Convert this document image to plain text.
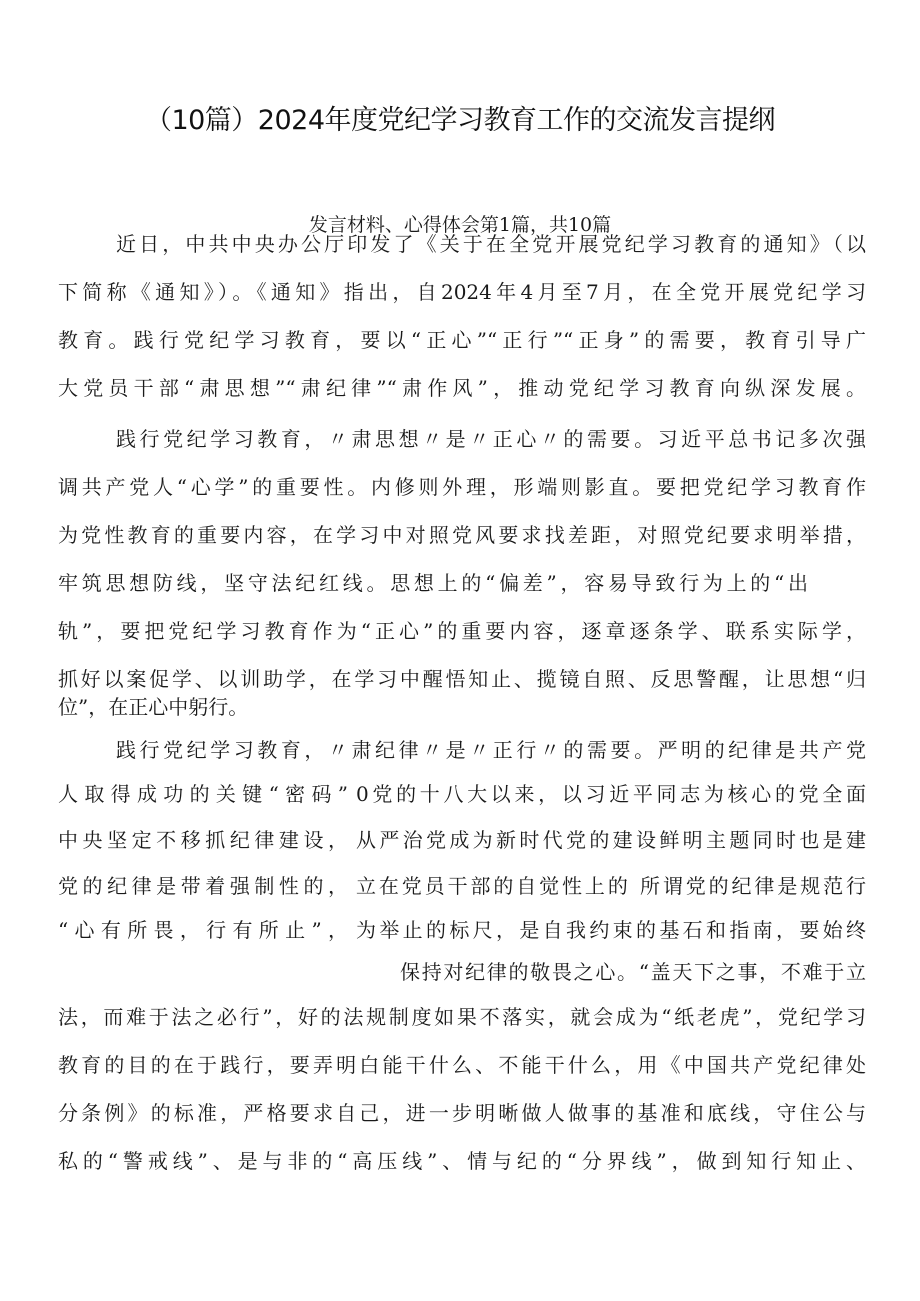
（10篇）2024年度党纪学习教育工作的交流发言提纲
发言材料、心得体会第1篇，共10篇
近日，中共中央办公厅印发了《关于在全党开展党纪学习教育的通知》（以
下简称《通知》）。《通知》指出，自2024年4月至7月，在全党开展党纪学习
教育。践行党纪学习教育，要以“正心”“正行”“正身”的需要，教育引导广
大党员干部“肃思想”“肃纪律”“肃作风”，推动党纪学习教育向纵深发展。
践行党纪学习教育，〃肃思想〃是〃正心〃的需要。习近平总书记多次强
调共产党人“心学”的重要性。内修则外理，形端则影直。要把党纪学习教育作
为党性教育的重要内容，在学习中对照党风要求找差距，对照党纪要求明举措，
牢筑思想防线，坚守法纪红线。思想上的“偏差”，容易导致行为上的“出
轨”，要把党纪学习教育作为“正心”的重要内容，逐章逐条学、联系实际学，
抓好以案促学、以训助学，在学习中醒悟知止、揽镜自照、反思警醒，让思想“归
位”，在正心中躬行。
践行党纪学习教育，〃肃纪律〃是〃正行〃的需要。严明的纪律是共产党
人取得成功的关键“密码”
中央坚定不移抓纪律建设，
党的纪律是带着强制性的，
“心有所畏，行有所止”，
0党的十八大以来，以习近平同志为核心的党全面
从严治党成为新时代党的建设鲜明主题同时也是建
立在党员干部的自觉性上的 所谓党的纪律是规范行
为举止的标尺，是自我约束的基石和指南，要始终
保持对纪律的敬畏之心。“盖天下之事，不难于立
法，而难于法之必行”，好的法规制度如果不落实，就会成为“纸老虎”，党纪学习
教育的目的在于践行，要弄明白能干什么、不能干什么，用《中国共产党纪律处
分条例》的标准，严格要求自己，进一步明晰做人做事的基准和底线，守住公与
私的“警戒线”、是与非的“高压线”、情与纪的“分界线”，做到知行知止、
